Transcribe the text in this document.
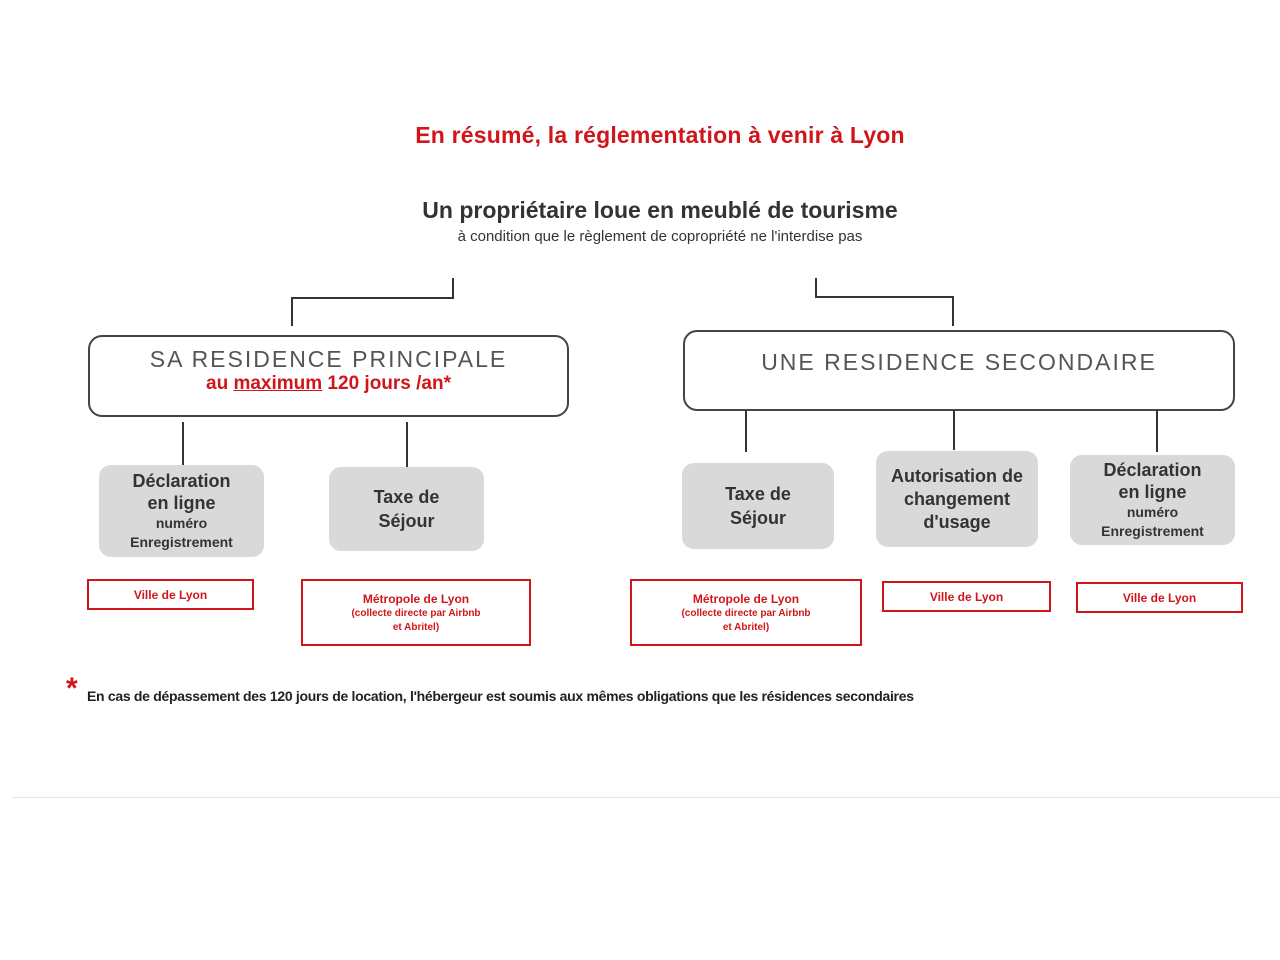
En résumé, la réglementation à venir à Lyon
Un propriétaire loue en meublé de tourisme
à condition que le règlement de copropriété ne l'interdise pas
SA RESIDENCE PRINCIPALE
au maximum 120 jours /an*
UNE RESIDENCE SECONDAIRE
Déclaration en ligne
numéro Enregistrement
Taxe de Séjour
Taxe de Séjour
Autorisation de changement d'usage
Déclaration en ligne
numéro Enregistrement
Ville de Lyon	Métropole de Lyon
(collecte directe par Airbnb et Abritel)
Métropole de Lyon
(collecte directe par Airbnb et Abritel)
Ville de Lyon	Ville de Lyon
* En cas de dépassement des 120 jours de location, l'hébergeur est soumis aux mêmes obligations que les résidences secondaires
